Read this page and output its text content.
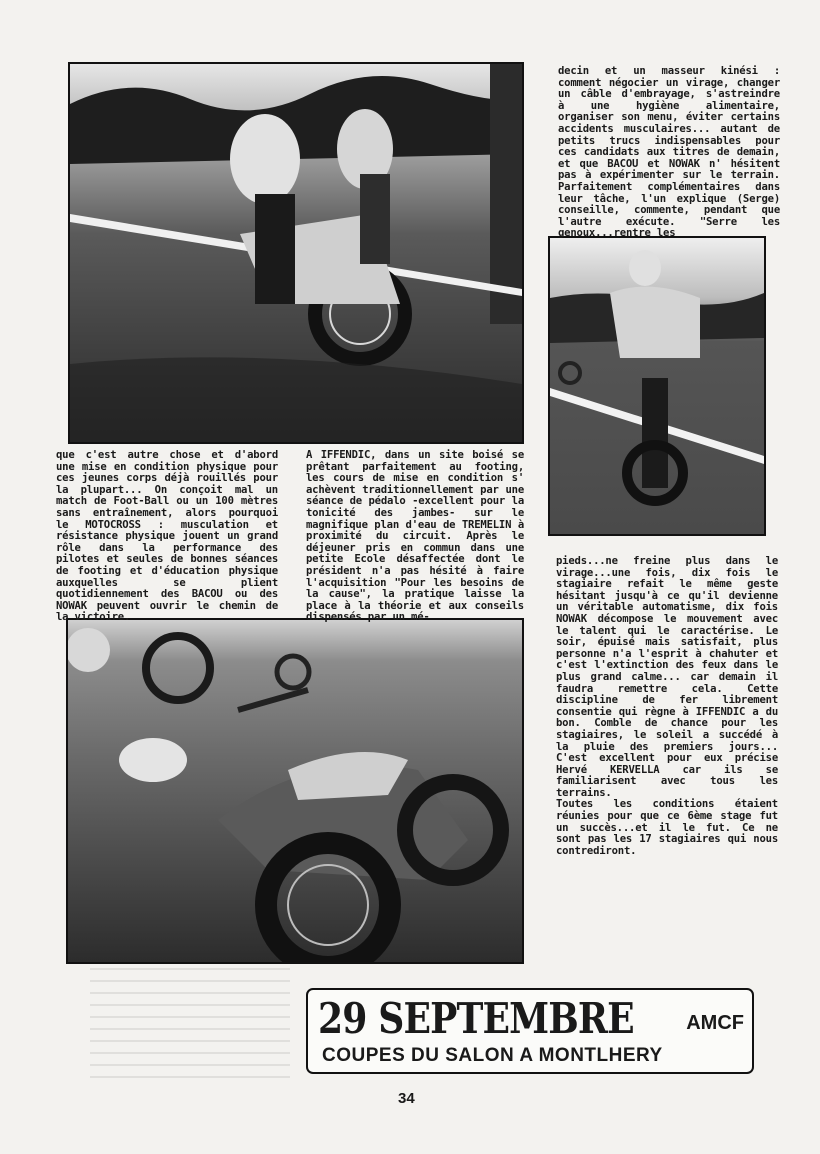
que c'est autre chose et d'abord une mise en condition physique pour ces jeunes corps déjà rouillés pour la plupart... On conçoit mal un match de Foot-Ball ou un 100 mètres sans entraînement, alors pourquoi le MOTOCROSS : musculation et résistance physique jouent un grand rôle dans la performance des pilotes et seules de bonnes séances de footing et d'éducation physique auxquelles se plient quotidiennement des BACOU ou des NOWAK peuvent ouvrir le chemin de la victoire.

A IFFENDIC, dans un site boisé se prêtant parfaitement au footing, les cours de mise en condition s' achèvent traditionnellement par une séance de pédalo -excellent pour la tonicité des jambes- sur le magnifique plan d'eau de TREMELIN à proximité du circuit. Après le déjeuner pris en commun dans une petite Ecole désaffectée dont le président n'a pas hésité à faire l'acquisition "Pour les besoins de la cause", la pratique laisse la place à la théorie et aux conseils dispensés par un mé-

decin et un masseur kinési : comment négocier un virage, changer un câble d'embrayage, s'astreindre à une hygiène alimentaire, organiser son menu, éviter certains accidents musculaires... autant de petits trucs indispensables pour ces candidats aux titres de demain, et que BACOU et NOWAK n' hésitent pas à expérimenter sur le terrain. Parfaitement complémentaires dans leur tâche, l'un explique (Serge) conseille, commente, pendant que l'autre exécute. "Serre les genoux...rentre les

pieds...ne freine plus dans le virage...une fois, dix fois le stagiaire refait le même geste hésitant jusqu'à ce qu'il devienne un véritable automatisme, dix fois NOWAK décompose le mouvement avec le talent qui le caractérise. Le soir, épuisé mais satisfait, plus personne n'a l'esprit à chahuter et c'est l'extinction des feux dans le plus grand calme... car demain il faudra remettre cela. Cette discipline de fer librement consentie qui règne à IFFENDIC a du bon. Comble de chance pour les stagiaires, le soleil a succédé à la pluie des premiers jours... C'est excellent pour eux précise Hervé KERVELLA car ils se familiarisent avec tous les terrains.

Toutes les conditions étaient réunies pour que ce 6ème stage fut un succès...et il le fut. Ce ne sont pas les 17 stagiaires qui nous contrediront.

29 SEPTEMBRE	AMCF
COUPES DU SALON A MONTLHERY
34
